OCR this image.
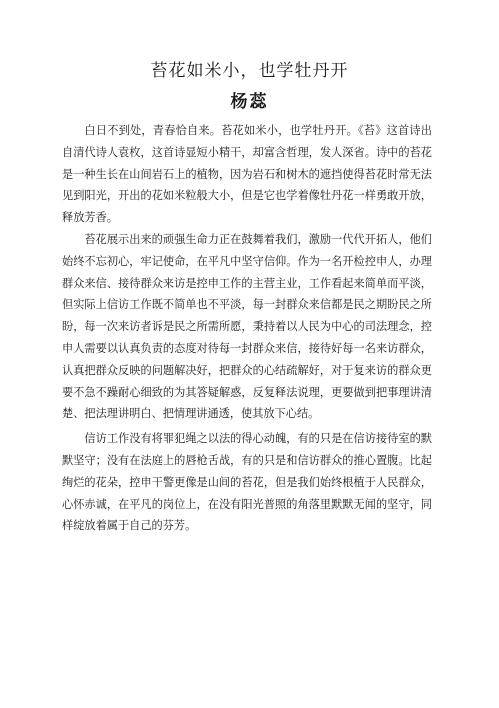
苔花如米小，也学牡丹开
杨蕊

白日不到处，青春恰自来。苔花如米小，也学牡丹开。《苔》这首诗出自清代诗人袁枚，这首诗显短小精干，却富含哲理，发人深省。诗中的苔花是一种生长在山间岩石上的植物，因为岩石和树木的遮挡使得苔花时常无法见到阳光，开出的花如米粒般大小，但是它也学着像牡丹花一样勇敢开放，释放芳香。

苔花展示出来的顽强生命力正在鼓舞着我们，激励一代代开拓人，他们始终不忘初心，牢记使命，在平凡中坚守信仰。作为一名开检控申人，办理群众来信、接待群众来访是控申工作的主营主业，工作看起来简单而平淡，但实际上信访工作既不简单也不平淡，每一封群众来信都是民之期盼民之所盼，每一次来访者诉是民之所需所愿，秉持着以人民为中心的司法理念，控申人需要以认真负责的态度对待每一封群众来信，接待好每一名来访群众，认真把群众反映的问题解决好，把群众的心结疏解好，对于复来访的群众更要不急不躁耐心细致的为其答疑解惑，反复释法说理，更要做到把事理讲清楚、把法理讲明白、把情理讲通透，使其放下心结。

信访工作没有将罪犯绳之以法的得心动魄，有的只是在信访接待室的默默坚守；没有在法庭上的唇枪舌战，有的只是和信访群众的推心置腹。比起绚烂的花朵，控申干警更像是山间的苔花，但是我们始终根植于人民群众，心怀赤诚，在平凡的岗位上，在没有阳光普照的角落里默默无闻的坚守，同样绽放着属于自己的芬芳。
